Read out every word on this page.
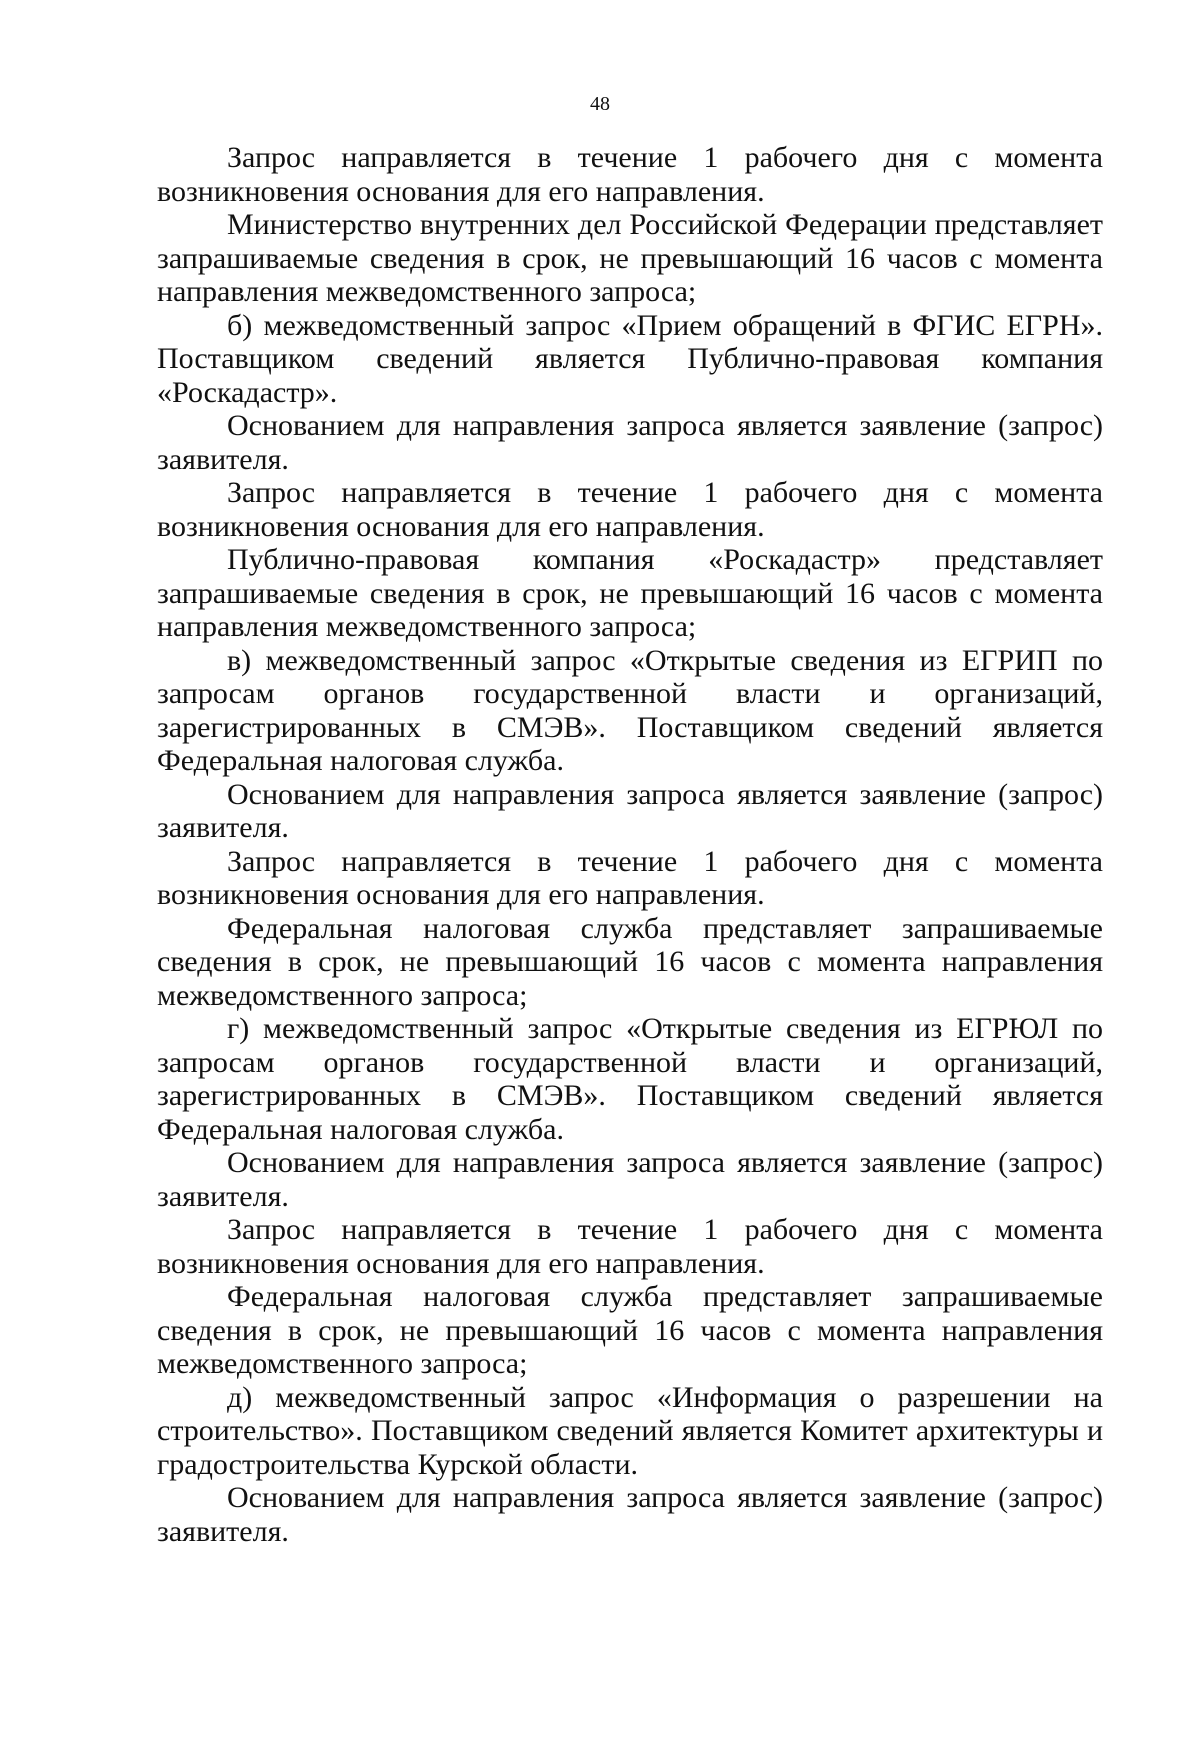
48

Запрос направляется в течение 1 рабочего дня с момента возникновения основания для его направления.

Министерство внутренних дел Российской Федерации представляет запрашиваемые сведения в срок, не превышающий 16 часов с момента направления межведомственного запроса;

б) межведомственный запрос «Прием обращений в ФГИС ЕГРН». Поставщиком сведений является Публично-правовая компания «Роскадастр».

Основанием для направления запроса является заявление (запрос) заявителя.

Запрос направляется в течение 1 рабочего дня с момента возникновения основания для его направления.

Публично-правовая компания «Роскадастр» представляет запрашиваемые сведения в срок, не превышающий 16 часов с момента направления межведомственного запроса;

в) межведомственный запрос «Открытые сведения из ЕГРИП по запросам органов государственной власти и организаций, зарегистрированных в СМЭВ». Поставщиком сведений является Федеральная налоговая служба.

Основанием для направления запроса является заявление (запрос) заявителя.

Запрос направляется в течение 1 рабочего дня с момента возникновения основания для его направления.

Федеральная налоговая служба представляет запрашиваемые сведения в срок, не превышающий 16 часов с момента направления межведомственного запроса;

г) межведомственный запрос «Открытые сведения из ЕГРЮЛ по запросам органов государственной власти и организаций, зарегистрированных в СМЭВ». Поставщиком сведений является Федеральная налоговая служба.

Основанием для направления запроса является заявление (запрос) заявителя.

Запрос направляется в течение 1 рабочего дня с момента возникновения основания для его направления.

Федеральная налоговая служба представляет запрашиваемые сведения в срок, не превышающий 16 часов с момента направления межведомственного запроса;

д) межведомственный запрос «Информация о разрешении на строительство». Поставщиком сведений является Комитет архитектуры и градостроительства Курской области.

Основанием для направления запроса является заявление (запрос) заявителя.
